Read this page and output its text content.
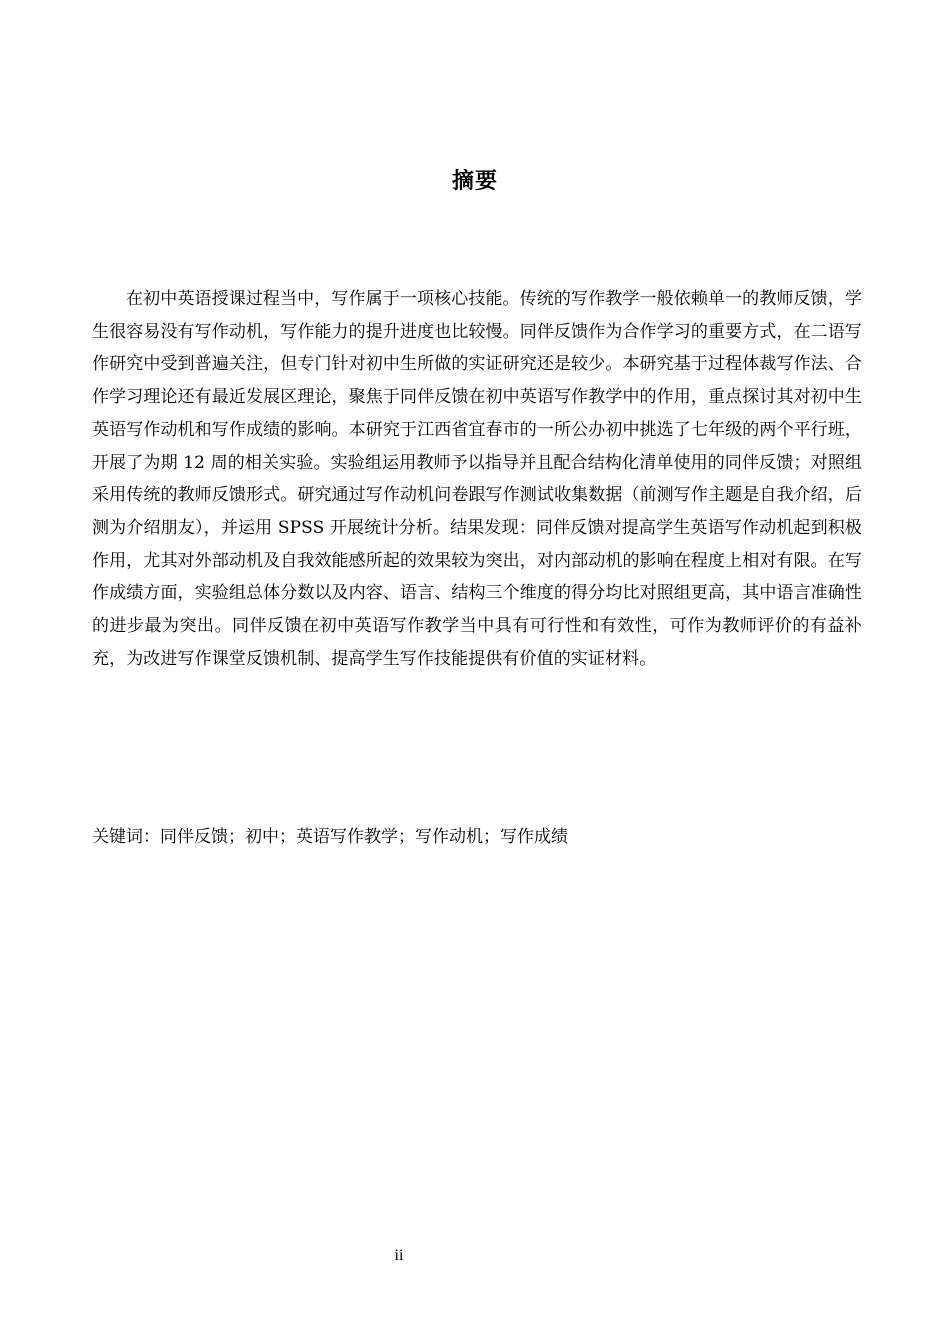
摘要

在初中英语授课过程当中，写作属于一项核心技能。传统的写作教学一般依赖单一的教师反馈，学生很容易没有写作动机，写作能力的提升进度也比较慢。同伴反馈作为合作学习的重要方式，在二语写作研究中受到普遍关注，但专门针对初中生所做的实证研究还是较少。本研究基于过程体裁写作法、合作学习理论还有最近发展区理论，聚焦于同伴反馈在初中英语写作教学中的作用，重点探讨其对初中生英语写作动机和写作成绩的影响。本研究于江西省宜春市的一所公办初中挑选了七年级的两个平行班，开展了为期 12 周的相关实验。实验组运用教师予以指导并且配合结构化清单使用的同伴反馈；对照组采用传统的教师反馈形式。研究通过写作动机问卷跟写作测试收集数据（前测写作主题是自我介绍，后测为介绍朋友），并运用 SPSS 开展统计分析。结果发现：同伴反馈对提高学生英语写作动机起到积极作用，尤其对外部动机及自我效能感所起的效果较为突出，对内部动机的影响在程度上相对有限。在写作成绩方面，实验组总体分数以及内容、语言、结构三个维度的得分均比对照组更高，其中语言准确性的进步最为突出。同伴反馈在初中英语写作教学当中具有可行性和有效性，可作为教师评价的有益补充，为改进写作课堂反馈机制、提高学生写作技能提供有价值的实证材料。

关键词：同伴反馈；初中；英语写作教学；写作动机；写作成绩

ii
